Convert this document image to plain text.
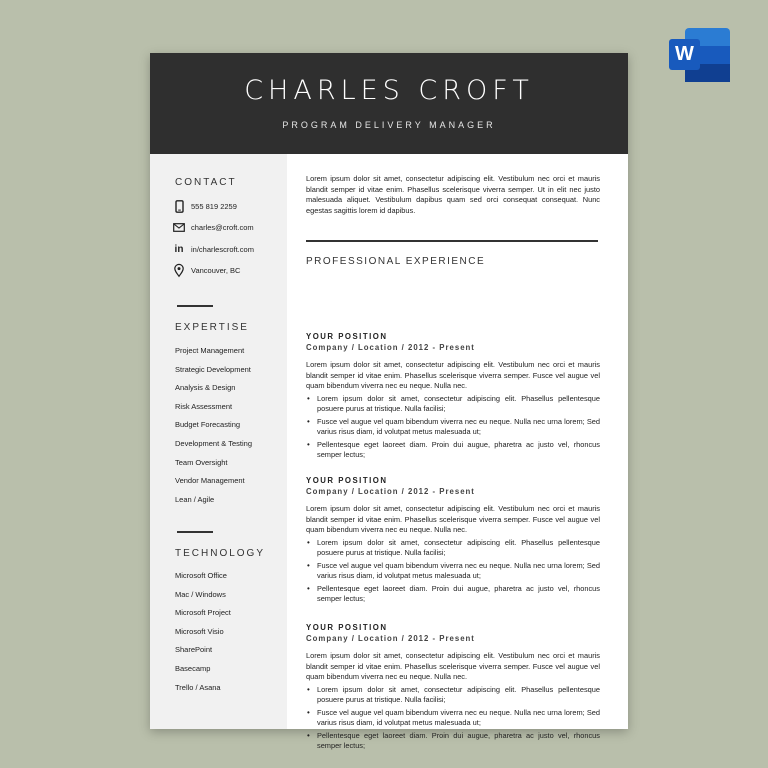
CHARLES CROFT
PROGRAM DELIVERY MANAGER
CONTACT
555 819 2259
charles@croft.com
in	in/charlescroft.com
Vancouver, BC
EXPERTISE
Project Management
Strategic Development
Analysis & Design
Risk Assessment
Budget Forecasting
Development & Testing
Team Oversight
Vendor Management
Lean / Agile
TECHNOLOGY
Microsoft Office
Mac / Windows
Microsoft Project
Microsoft Visio
SharePoint
Basecamp
Trello / Asana
Lorem ipsum dolor sit amet, consectetur adipiscing elit. Vestibulum nec orci et mauris blandit semper id vitae enim. Phasellus scelerisque viverra semper. Ut in elit nec justo malesuada aliquet. Vestibulum dapibus quam sed orci consequat consequat. Nunc egestas sagittis lorem id dapibus.
PROFESSIONAL EXPERIENCE
YOUR POSITION
Company / Location / 2012 - Present
Lorem ipsum dolor sit amet, consectetur adipiscing elit. Vestibulum nec orci et mauris blandit semper id vitae enim. Phasellus scelerisque viverra semper. Fusce vel augue vel quam bibendum viverra nec eu neque. Nulla nec.
• Lorem ipsum dolor sit amet, consectetur adipiscing elit. Phasellus pellentesque posuere purus at tristique. Nulla facilisi;
• Fusce vel augue vel quam bibendum viverra nec eu neque. Nulla nec urna lorem; Sed varius risus diam, id volutpat metus malesuada ut;
• Pellentesque eget laoreet diam. Proin dui augue, pharetra ac justo vel, rhoncus semper lectus;
YOUR POSITION
Company / Location / 2012 - Present
Lorem ipsum dolor sit amet, consectetur adipiscing elit. Vestibulum nec orci et mauris blandit semper id vitae enim. Phasellus scelerisque viverra semper. Fusce vel augue vel quam bibendum viverra nec eu neque. Nulla nec.
• Lorem ipsum dolor sit amet, consectetur adipiscing elit. Phasellus pellentesque posuere purus at tristique. Nulla facilisi;
• Fusce vel augue vel quam bibendum viverra nec eu neque. Nulla nec urna lorem; Sed varius risus diam, id volutpat metus malesuada ut;
• Pellentesque eget laoreet diam. Proin dui augue, pharetra ac justo vel, rhoncus semper lectus;
YOUR POSITION
Company / Location / 2012 - Present
Lorem ipsum dolor sit amet, consectetur adipiscing elit. Vestibulum nec orci et mauris blandit semper id vitae enim. Phasellus scelerisque viverra semper. Fusce vel augue vel quam bibendum viverra nec eu neque. Nulla nec.
• Lorem ipsum dolor sit amet, consectetur adipiscing elit. Phasellus pellentesque posuere purus at tristique. Nulla facilisi;
• Fusce vel augue vel quam bibendum viverra nec eu neque. Nulla nec urna lorem; Sed varius risus diam, id volutpat metus malesuada ut;
• Pellentesque eget laoreet diam. Proin dui augue, pharetra ac justo vel, rhoncus semper lectus;
W
